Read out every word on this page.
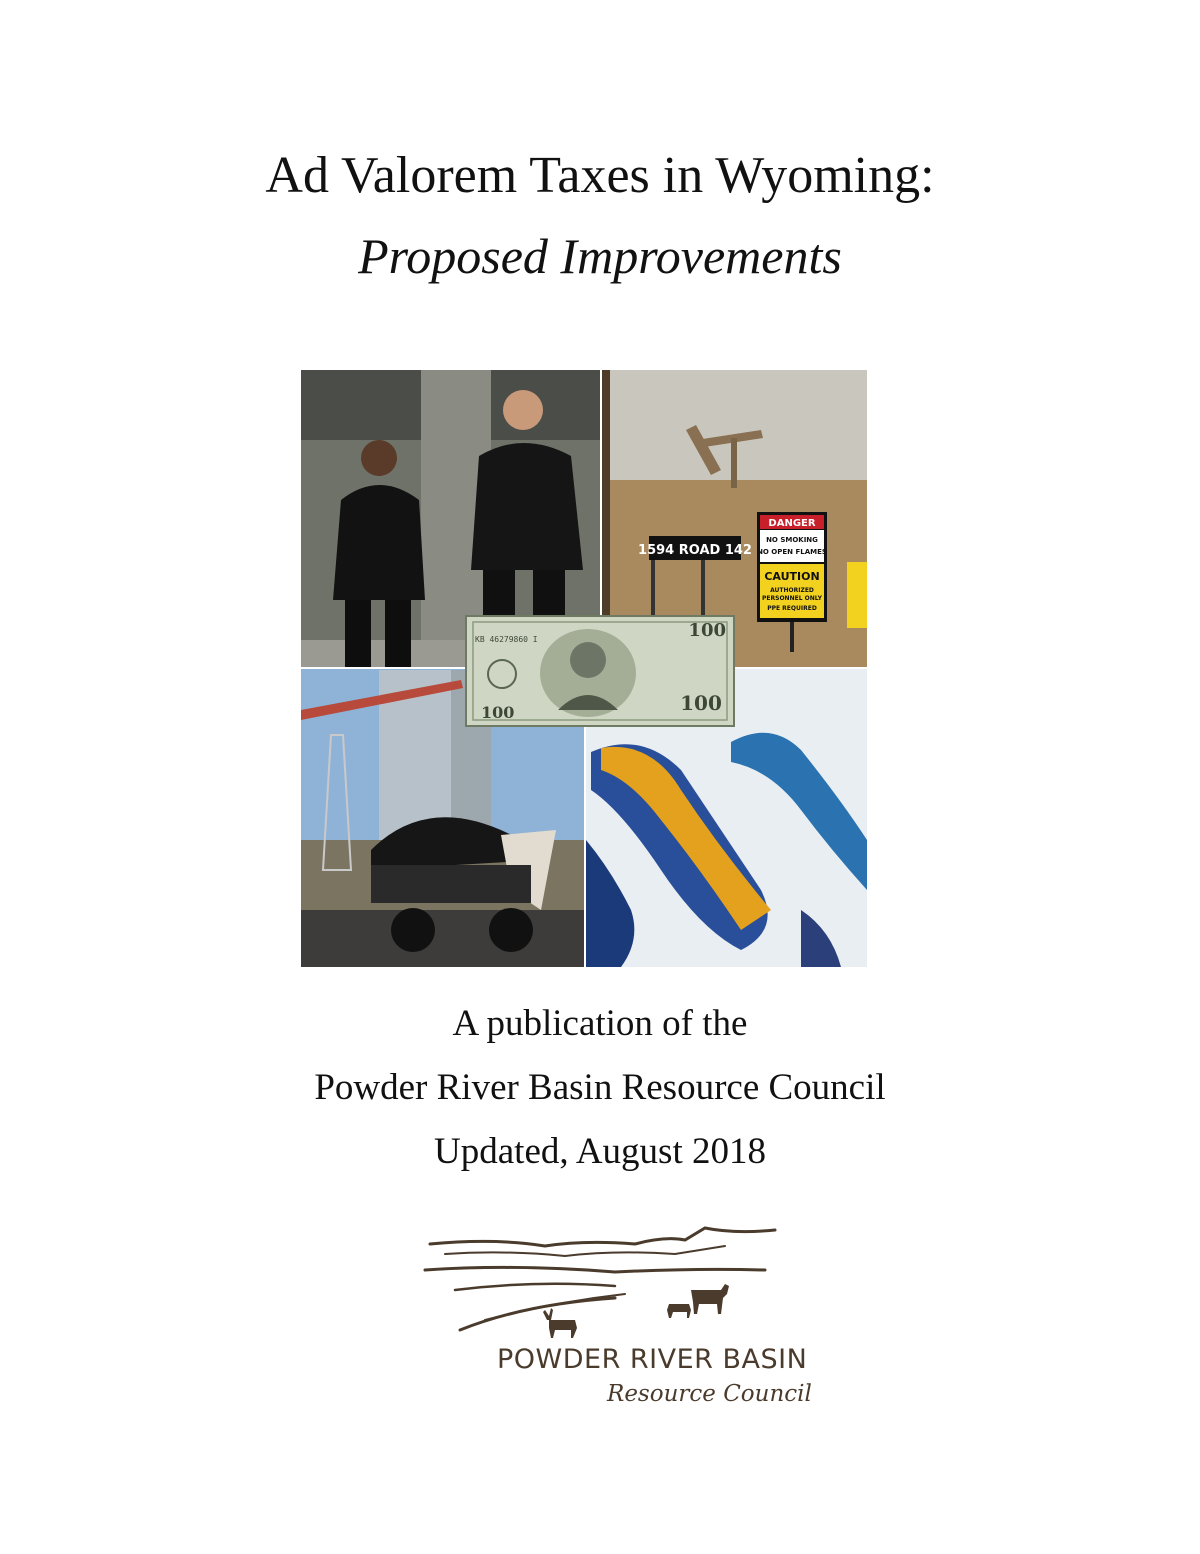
Ad Valorem Taxes in Wyoming:
Proposed Improvements
1594 ROAD 142
DANGER
NO SMOKING
NO OPEN FLAMES
CAUTION
AUTHORIZED
PERSONNEL ONLY
PPE REQUIRED
KB 46279860 I	100
100
100
A publication of the
Powder River Basin Resource Council
Updated, August 2018
POWDER RIVER BASIN
Resource Council
